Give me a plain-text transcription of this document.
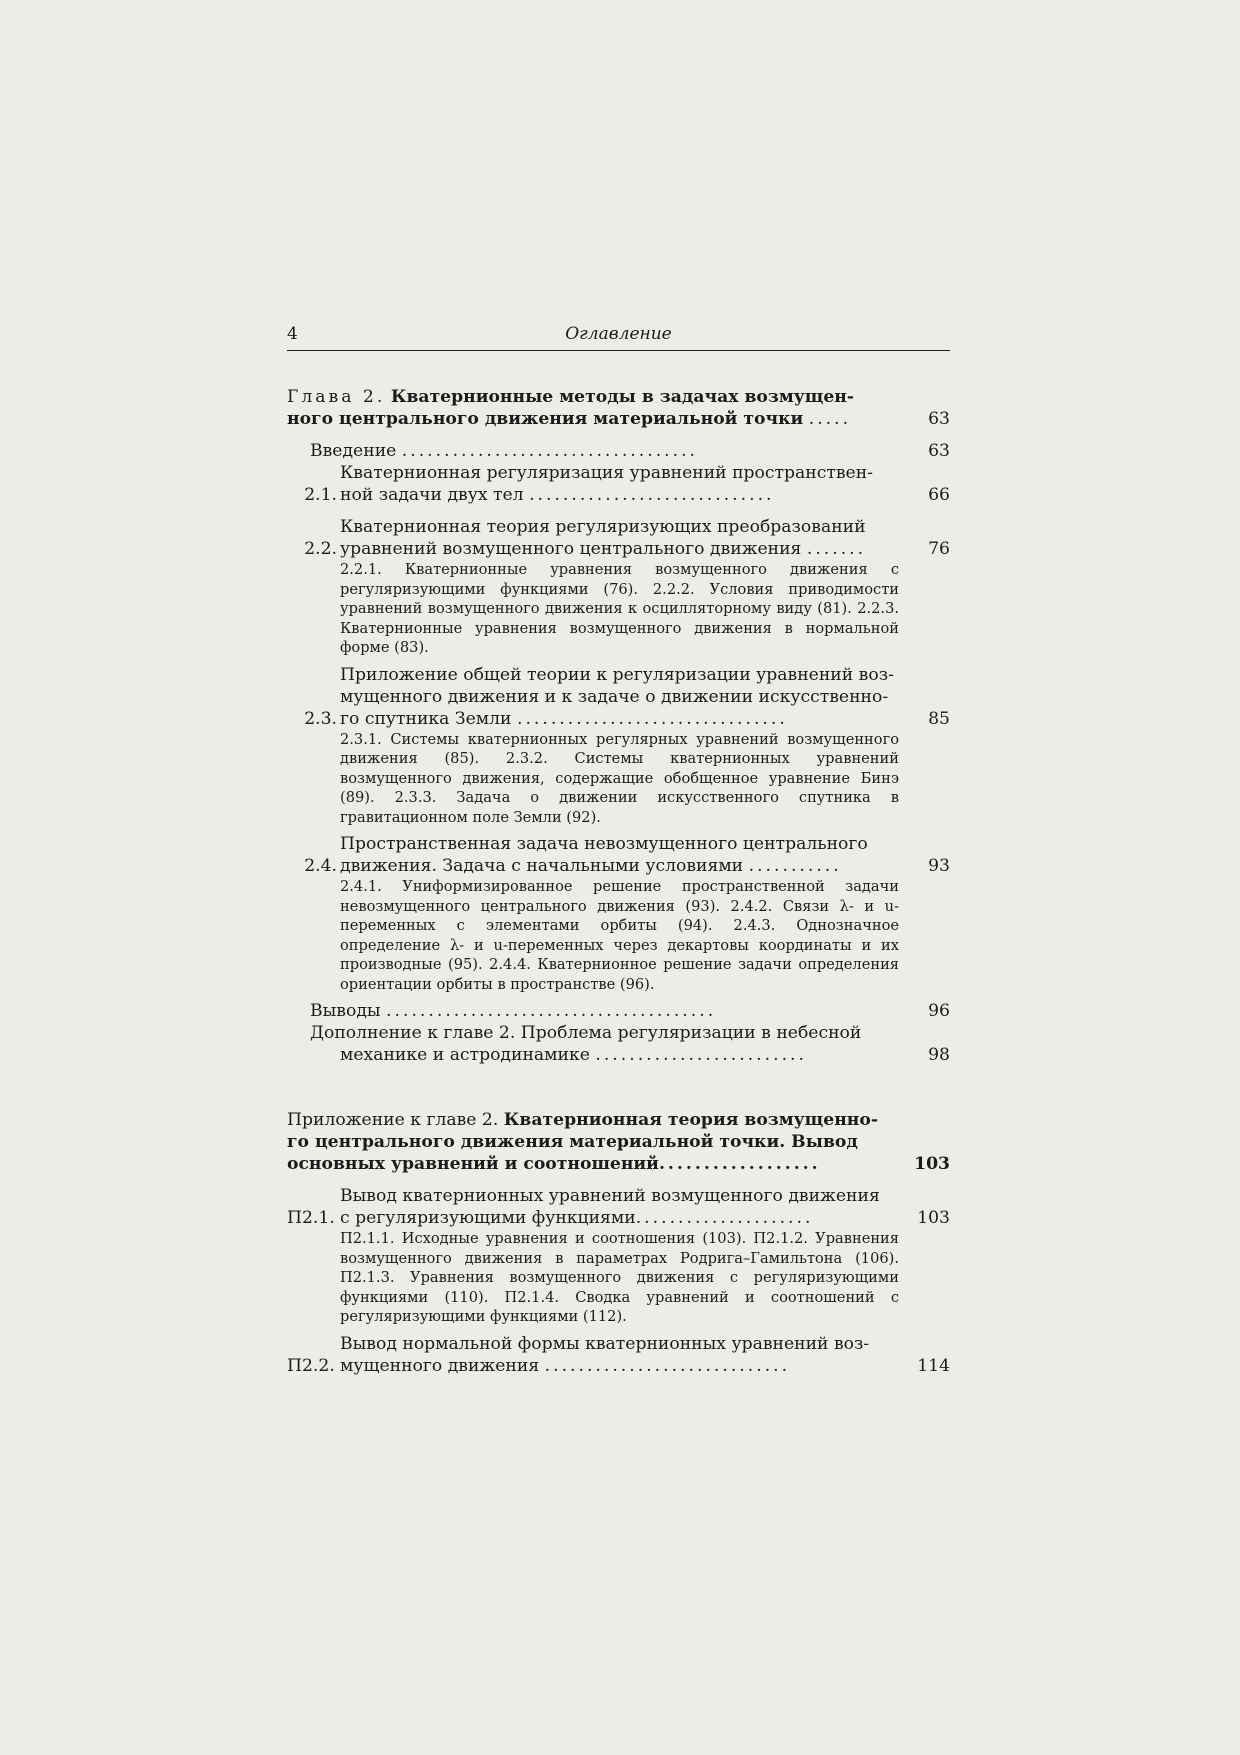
4	Оглавление
Глава 2. Кватернионные методы в задачах возмущен-
ного центрального движения материальной точки .....	63
Введение ...................................	63
2.1.
Кватернионная регуляризация уравнений пространствен-
ной задачи двух тел .............................	66
2.2.
Кватернионная теория регуляризующих преобразований
уравнений возмущенного центрального движения .......	76
2.2.1. Кватернионные уравнения возмущенного движения с регуляризующими функциями (76). 2.2.2. Условия приводимости уравнений возмущенного движения к осцилляторному виду (81). 2.2.3. Кватернионные уравнения возмущенного движения в нормальной форме (83).
2.3.
Приложение общей теории к регуляризации уравнений воз-
мущенного движения и к задаче о движении искусственно-
го спутника Земли ................................	85
2.3.1. Системы кватернионных регулярных уравнений возмущенного движения (85). 2.3.2. Системы кватернионных уравнений возмущенного движения, содержащие обобщенное уравнение Бинэ (89). 2.3.3. Задача о движении искусственного спутника в гравитационном поле Земли (92).
2.4.
Пространственная задача невозмущенного центрального
движения. Задача с начальными условиями ...........	93
2.4.1. Униформизированное решение пространственной задачи невозмущенного центрального движения (93). 2.4.2. Связи λ- и u-переменных с элементами орбиты (94). 2.4.3. Однозначное определение λ- и u-переменных через декартовы координаты и их производные (95). 2.4.4. Кватернионное решение задачи определения ориентации орбиты в пространстве (96).
Выводы .......................................	96
Дополнение к главе 2. Проблема регуляризации в небесной
механике и астродинамике .........................	98
Приложение к главе 2. Кватернионная теория возмущенно-
го центрального движения материальной точки. Вывод
основных уравнений и соотношений..................	103
П2.1.
Вывод кватернионных уравнений возмущенного движения
с регуляризующими функциями.....................	103
П2.1.1. Исходные уравнения и соотношения (103). П2.1.2. Уравнения возмущенного движения в параметрах Родрига–Гамильтона (106). П2.1.3. Уравнения возмущенного движения с регуляризующими функциями (110). П2.1.4. Сводка уравнений и соотношений с регуляризующими функциями (112).
П2.2.
Вывод нормальной формы кватернионных уравнений воз-
мущенного движения .............................	114
